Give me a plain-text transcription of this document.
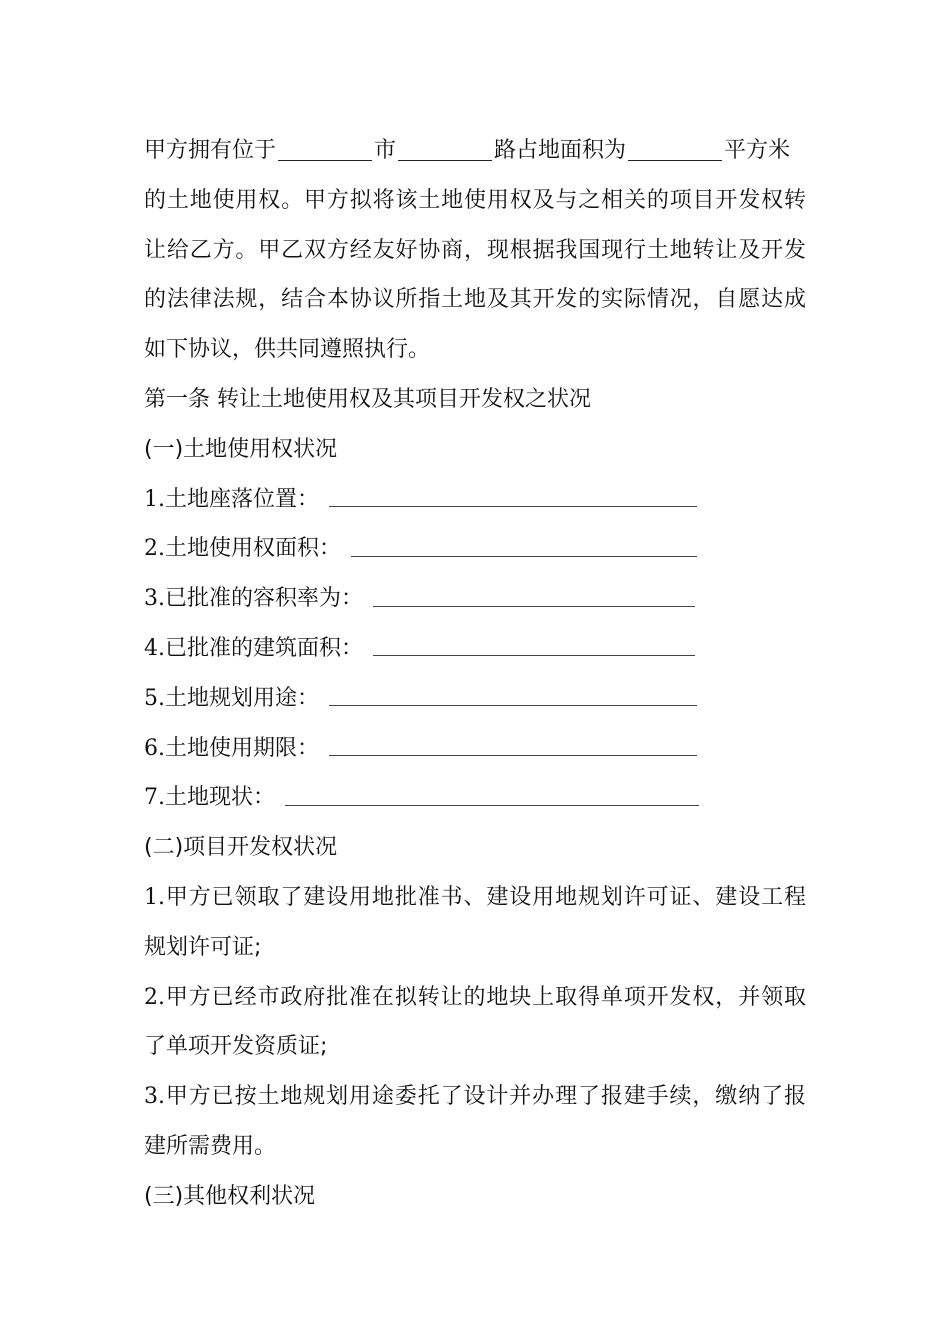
甲方拥有位于	市	路占地面积为	平方米
的土地使用权。甲方拟将该土地使用权及与之相关的项目开发权转
让给乙方。甲乙双方经友好协商，现根据我国现行土地转让及开发
的法律法规，结合本协议所指土地及其开发的实际情况，自愿达成
如下协议，供共同遵照执行。
第一条 转让土地使用权及其项目开发权之状况
(一)土地使用权状况
1. 土地座落位置：
2. 土地使用权面积：
3. 已批准的容积率为：
4. 已批准的建筑面积：
5. 土地规划用途：
6. 土地使用期限：
7. 土地现状：
(二)项目开发权状况
1.甲方已领取了建设用地批准书、建设用地规划许可证、建设工程
规划许可证;
2.甲方已经市政府批准在拟转让的地块上取得单项开发权，并领取
了单项开发资质证;
3.甲方已按土地规划用途委托了设计并办理了报建手续，缴纳了报
建所需费用。
(三)其他权利状况
